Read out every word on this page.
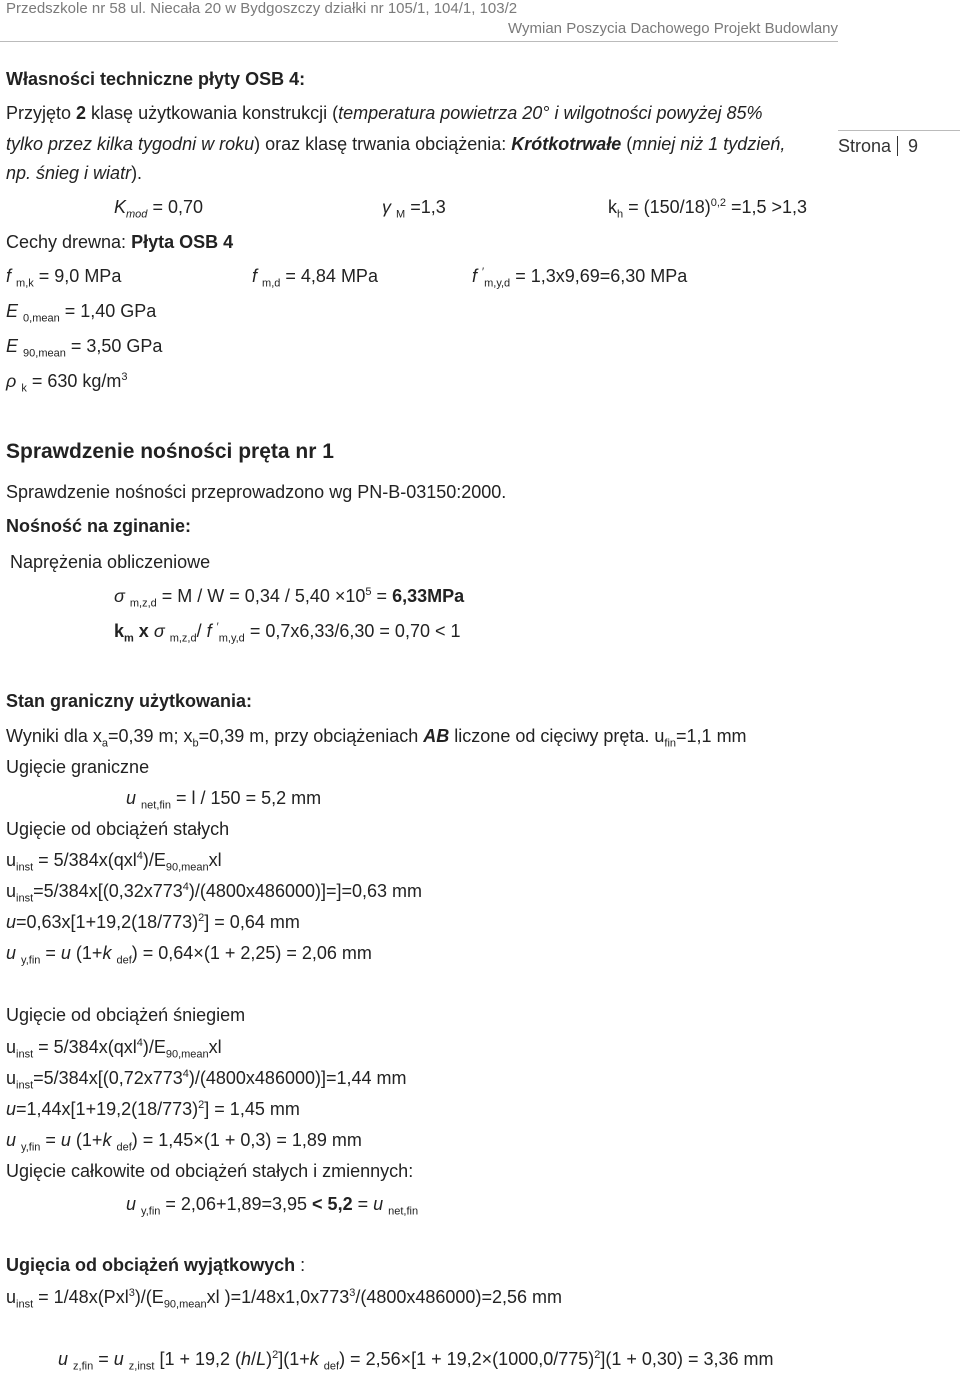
Przedszkole nr 58 ul. Niecała 20 w Bydgoszczy działki nr 105/1, 104/1, 103/2
Wymian Poszycia Dachowego Projekt Budowlany
Strona 9
Własności techniczne płyty OSB 4:
Przyjęto 2 klasę użytkowania konstrukcji (temperatura powietrza 20° i wilgotności powyżej 85%
tylko przez kilka tygodni w roku) oraz klasę trwania obciążenia: Krótkotrwałe (mniej niż 1 tydzień,
np. śnieg i wiatr).
$K_{mod} = 0,70$	γ $_M$ =1,3	$k_h = (150/18)^{0,2} =1,5 >1,3$
Cechy drewna: Płyta OSB 4
f $_{m,k}$ = 9,0 MPa	f $_{m,d}$ = 4,84 MPa	f ′$_{m,y,d}$ = 1,3x9,69=6,30 MPa
E $_{0,mean}$ = 1,40 GPa
E $_{90,mean}$ = 3,50 GPa
ρ $_k$ = 630 $kg/m^3$
Sprawdzenie nośności pręta nr 1
Sprawdzenie nośności przeprowadzono wg PN-B-03150:2000.
Nośność na zginanie:
Naprężenia obliczeniowe
σ $_{m,z,d} = M / W = 0,34 / 5,40 \times 10^5 = 6,33MPa$
$k_m$ x σ $_{m,z,d}$/ f ′$_{m,y,d}$ = 0,7x6,33/6,30 = 0,70 < 1
Stan graniczny użytkowania:
Wyniki dla $x_a=0,39$ m; $x_b=0,39$ m, przy obciążeniach AB liczone od cięciwy pręta. $u_{fin}=1,1$ mm
Ugięcie graniczne
u $_{net,fin}$ = l / 150 = 5,2 mm
Ugięcie od obciążeń stałych
$u_{inst} = 5/384x(qxl^4)/E_{90,mean}xl$
$u_{inst}=5/384x[(0,32x773^4)/(4800x486000)]=]=0,63$ mm
$u=0,63x[1+19,2(18/773)^2] = 0,64$ mm
u $_{y,fin}$ = u (1+k $_{def}$) = 0,64×(1 + 2,25) = 2,06 mm
Ugięcie od obciążeń śniegiem
$u_{inst} = 5/384x(qxl^4)/E_{90,mean}xl$
$u_{inst}=5/384x[(0,72x773^4)/(4800x486000)]=1,44$ mm
$u=1,44x[1+19,2(18/773)^2] = 1,45$ mm
u $_{y,fin}$ = u (1+k $_{def}$) = 1,45×(1 + 0,3) = 1,89 mm
Ugięcie całkowite od obciążeń stałych i zmiennych:
u $_{y,fin}$ = 2,06+1,89=3,95 < 5,2 = u $_{net,fin}$
Ugięcia od obciążeń wyjątkowych :
$u_{inst} = 1/48x(Pxl^3)/(E_{90,mean}xl$ )$=1/48x1,0x773^3/(4800x486000)=2,56$ mm
u $_{z,fin}$ = u $_{z,inst}$ [1 + 19,2 $(h/L)^2](1+k$ $_{def}) = 2,56\times[1 + 19,2\times(1000,0/775)^2](1 + 0,30) = 3,36$ mm
